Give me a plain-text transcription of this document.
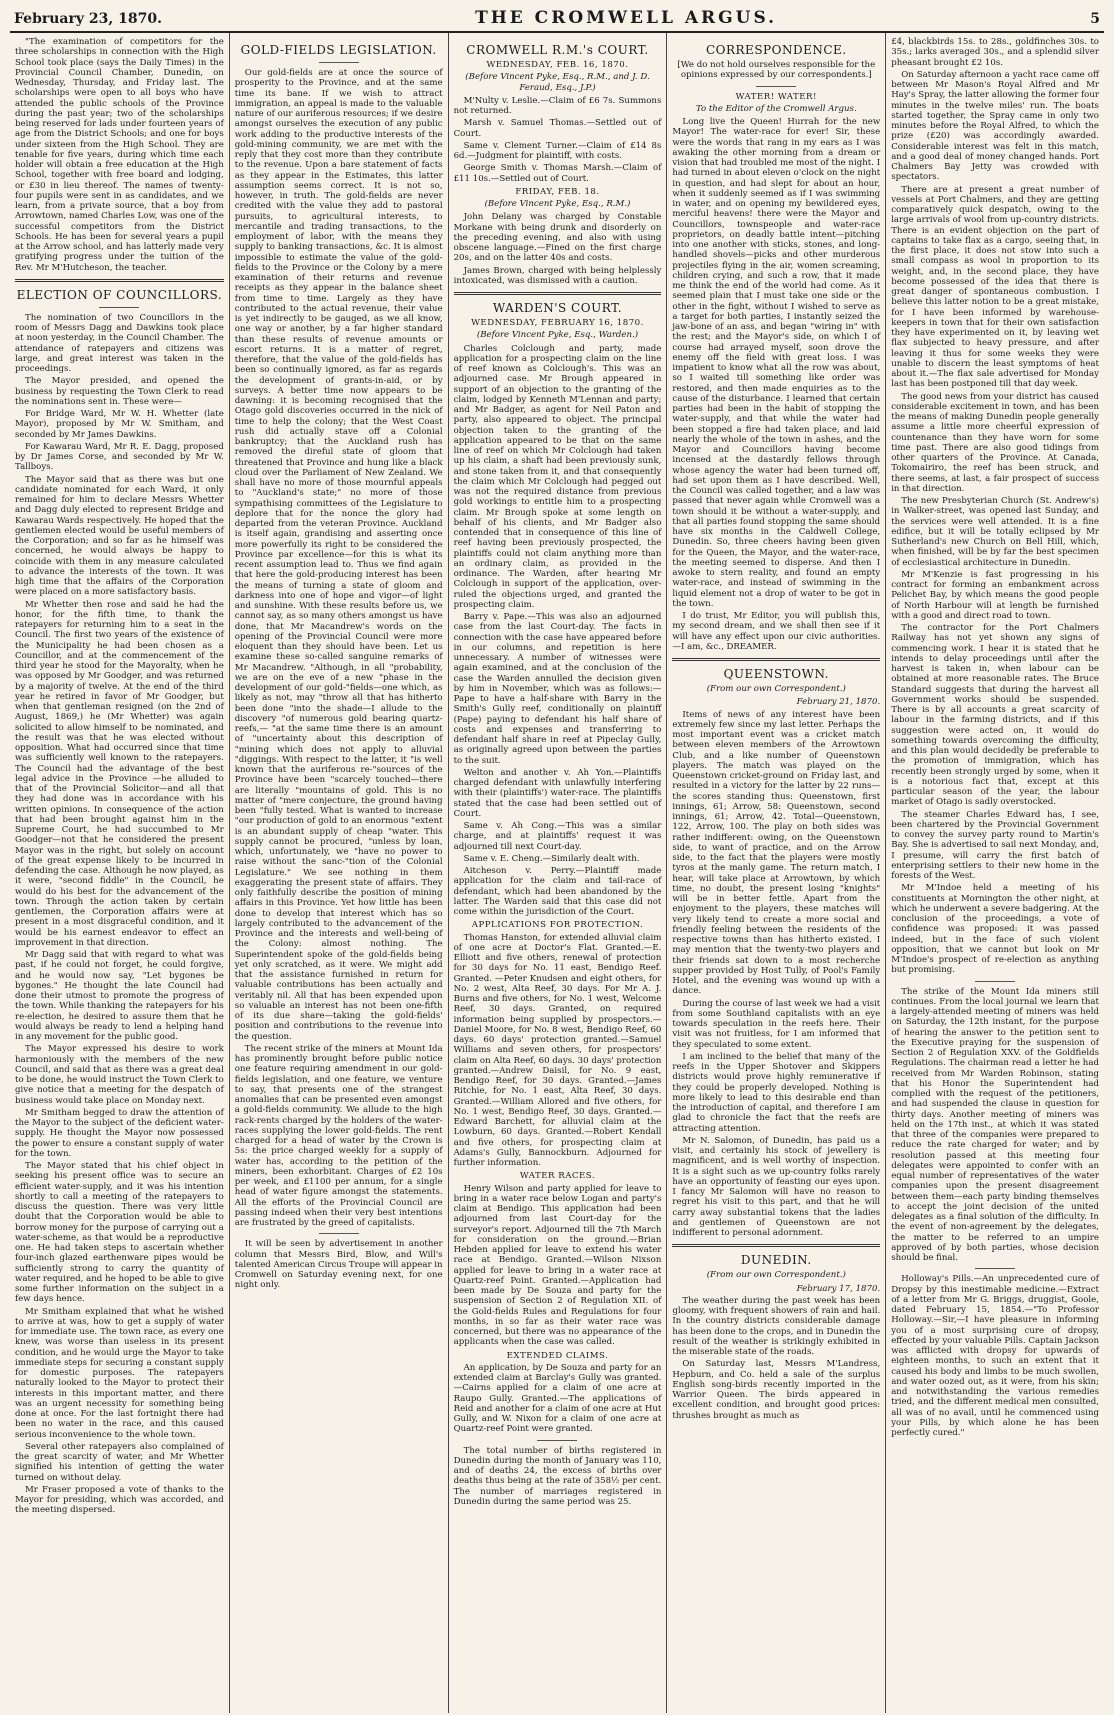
February 23, 1870.	THE CROMWELL ARGUS.	5

"The examination of competitors for the three scholarships in connection with the High School took place (says the Daily Times) in the Provincial Council Chamber, Dunedin, on Wednesday, Thursday, and Friday last. The scholarships were open to all boys who have attended the public schools of the Province during the past year; two of the scholarships being reserved for lads under fourteen years of age from the District Schools; and one for boys under sixteen from the High School. They are tenable for five years, during which time each holder will obtain a free education at the High School, together with free board and lodging, or £30 in lieu thereof. The names of twenty-four pupils were sent in as candidates, and we learn, from a private source, that a boy from Arrowtown, named Charles Low, was one of the successful competitors from the District Schools. He has been for several years a pupil at the Arrow school, and has latterly made very gratifying progress under the tuition of the Rev. Mr M'Hutcheson, the teacher.

ELECTION OF COUNCILLORS.

The nomination of two Councillors in the room of Messrs Dagg and Dawkins took place at noon yesterday, in the Council Chamber. The attendance of ratepayers and citizens was large, and great interest was taken in the proceedings.

The Mayor presided, and opened the business by requesting the Town Clerk to read the nominations sent in. These were—

For Bridge Ward, Mr W. H. Whetter (late Mayor), proposed by Mr W. Smitham, and seconded by Mr James Dawkins.

For Kawarau Ward, Mr R. E. Dagg, proposed by Dr James Corse, and seconded by Mr W. Tallboys.

The Mayor said that as there was but one candidate nominated for each Ward, it only remained for him to declare Messrs Whetter and Dagg duly elected to represent Bridge and Kawarau Wards respectively. He hoped that the gentlemen elected would be useful members of the Corporation; and so far as he himself was concerned, he would always be happy to coincide with them in any measure calculated to advance the interests of the town. It was high time that the affairs of the Corporation were placed on a more satisfactory basis.

Mr Whetter then rose and said he had the honor, for the fifth time, to thank the ratepayers for returning him to a seat in the Council. The first two years of the existence of the Municipality he had been chosen as a Councillor, and at the commencement of the third year he stood for the Mayoralty, when he was opposed by Mr Goodger, and was returned by a majority of twelve. At the end of the third year he retired in favor of Mr Goodger, but when that gentleman resigned (on the 2nd of August, 1869,) he (Mr Whetter) was again solicited to allow himself to be nominated, and the result was that he was elected without opposition. What had occurred since that time was sufficiently well known to the ratepayers. The Council had the advantage of the best legal advice in the Province —he alluded to that of the Provincial Solicitor—and all that they had done was in accordance with his written opinions. In consequence of the action that had been brought against him in the Supreme Court, he had succumbed to Mr Goodger—not that he considered the present Mayor was in the right, but solely on account of the great expense likely to be incurred in defending the case. Although he now played, as it were, "second fiddle" in the Council, he would do his best for the advancement of the town. Through the action taken by certain gentlemen, the Corporation affairs were at present in a most disgraceful condition, and it would be his earnest endeavor to effect an improvement in that direction.

Mr Dagg said that with regard to what was past, if he could not forget, he could forgive, and he would now say, "Let bygones be bygones." He thought the late Council had done their utmost to promote the progress of the town. While thanking the ratepayers for his re-election, he desired to assure them that he would always be ready to lend a helping hand in any movement for the public good.

The Mayor expressed his desire to work harmoniously with the members of the new Council, and said that as there was a great deal to be done, he would instruct the Town Clerk to give notice that a meeting for the despatch of business would take place on Monday next.

Mr Smitham begged to draw the attention of the Mayor to the subject of the deficient water-supply. He thought the Mayor now possessed the power to ensure a constant supply of water for the town.

The Mayor stated that his chief object in seeking his present office was to secure an efficient water-supply, and it was his intention shortly to call a meeting of the ratepayers to discuss the question. There was very little doubt that the Corporation would be able to borrow money for the purpose of carrying out a water-scheme, as that would be a reproductive one. He had taken steps to ascertain whether four-inch glazed earthenware pipes would be sufficiently strong to carry the quantity of water required, and he hoped to be able to give some further information on the subject in a few days hence.

Mr Smitham explained that what he wished to arrive at was, how to get a supply of water for immediate use. The town race, as every one knew, was worse than useless in its present condition, and he would urge the Mayor to take immediate steps for securing a constant supply for domestic purposes. The ratepayers naturally looked to the Mayor to protect their interests in this important matter, and there was an urgent necessity for something being done at once. For the last fortnight there had been no water in the race, and this caused serious inconvenience to the whole town.

Several other ratepayers also complained of the great scarcity of water, and Mr Whetter signified his intention of getting the water turned on without delay.

Mr Fraser proposed a vote of thanks to the Mayor for presiding, which was accorded, and the meeting dispersed.

GOLD-FIELDS LEGISLATION.

Our gold-fields are at once the source of prosperity to the Province, and at the same time its bane. If we wish to attract immigration, an appeal is made to the valuable nature of our auriferous resources; if we desire amongst ourselves the execution of any public work adding to the productive interests of the gold-mining community, we are met with the reply that they cost more than they contribute to the revenue. Upon a bare statement of facts as they appear in the Estimates, this latter assumption seems correct. It is not so, however, in truth. The gold-fields are never credited with the value they add to pastoral pursuits, to agricultural interests, to mercantile and trading transactions, to the employment of labor, with the means they supply to banking transactions, &c. It is almost impossible to estimate the value of the gold-fields to the Province or the Colony by a mere examination of their returns and revenue receipts as they appear in the balance sheet from time to time. Largely as they have contributed to the actual revenue, their value is yet indirectly to be gauged, as we all know, one way or another, by a far higher standard than these results of revenue amounts or escort returns. It is a matter of regret, therefore, that the value of the gold-fields has been so continually ignored, as far as regards the development of grants-in-aid, or by surveys. A better time now appears to be dawning: it is becoming recognised that the Otago gold discoveries occurred in the nick of time to help the colony; that the West Coast rush did actually stave off a Colonial bankruptcy; that the Auckland rush has removed the direful state of gloom that threatened that Province and hung like a black cloud over the Parliament of New Zealand. We shall have no more of those mournful appeals to "Auckland's state;" no more of those sympathising committees of the Legislature to deplore that for the nonce the glory had departed from the veteran Province. Auckland is itself again, grandising and asserting once more powerfully its right to be considered the Province par excellence—for this is what its recent assumption lead to. Thus we find again that here the gold-producing interest has been the means of turning a state of gloom and darkness into one of hope and vigor—of light and sunshine. With these results before us, we cannot say, as so many others amongst us have done, that Mr Macandrew's words on the opening of the Provincial Council were more eloquent than they should have been. Let us examine these so-called sanguine remarks of Mr Macandrew. "Although, in all "probability, we are on the eve of a new "phase in the development of our gold-"fields—one which, as likely as not, may "throw all that has hitherto been done "into the shade—I allude to the discovery "of numerous gold bearing quartz-reefs,— "at the same time there is an amount of "uncertainty about this description of "mining which does not apply to alluvial "diggings. With respect to the latter, it "is well known that the auriferous re-"sources of the Province have been "scarcely touched—there are literally "mountains of gold. This is no matter of "mere conjecture, the ground having been "fully tested. What is wanted to increase "our production of gold to an enormous "extent is an abundant supply of cheap "water. This supply cannot be procured, "unless by loan, which, unfortunately, we "have no power to raise without the sanc-"tion of the Colonial Legislature." We see nothing in them exaggerating the present state of affairs. They only faithfully describe the position of mining affairs in this Province. Yet how little has been done to develop that interest which has so largely contributed to the advancement of the Province and the interests and well-being of the Colony: almost nothing. The Superintendent spoke of the gold-fields being yet only scratched, as it were. We might add that the assistance furnished in return for valuable contributions has been actually and veritably nil. All that has been expended upon so valuable an interest has not been one-fifth of its due share—taking the gold-fields' position and contributions to the revenue into the question.

The recent strike of the miners at Mount Ida has prominently brought before public notice one feature requiring amendment in our gold-fields legislation, and one feature, we venture to say, that presents one of the strangest anomalies that can be presented even amongst a gold-fields community. We allude to the high rack-rents charged by the holders of the water-races supplying the lower gold-fields. The rent charged for a head of water by the Crown is 5s: the price charged weekly for a supply of water has, according to the petition of the miners, been exhorbitant. Charges of £2 10s per week, and £1100 per annum, for a single head of water figure amongst the statements. All the efforts of the Provincial Council are passing indeed when their very best intentions are frustrated by the greed of capitalists.

It will be seen by advertisement in another column that Messrs Bird, Blow, and Will's talented American Circus Troupe will appear in Cromwell on Saturday evening next, for one night only.

CROMWELL R.M.'s COURT.
WEDNESDAY, FEB. 16, 1870.

(Before Vincent Pyke, Esq., R.M., and J. D. Feraud, Esq., J.P.)

M'Nulty v. Leslie.—Claim of £6 7s. Summons not returned.

Marsh v. Samuel Thomas.—Settled out of Court.

Same v. Clement Turner.—Claim of £14 8s 6d.—Judgment for plaintiff, with costs.

George Smith v. Thomas Marsh.—Claim of £11 10s.—Settled out of Court.

FRIDAY, FEB. 18.

(Before Vincent Pyke, Esq., R.M.)

John Delany was charged by Constable Morkane with being drunk and disorderly on the preceding evening, and also with using obscene language.—Fined on the first charge 20s, and on the latter 40s and costs.

James Brown, charged with being helplessly intoxicated, was dismissed with a caution.

WARDEN'S COURT.
WEDNESDAY, FEBRUARY 16, 1870.

(Before Vincent Pyke, Esq., Warden.)

Charles Colclough and party, made application for a prospecting claim on the line of reef known as Colclough's. This was an adjourned case. Mr Brough appeared in support of an objection to the granting of the claim, lodged by Kenneth M'Lennan and party; and Mr Badger, as agent for Neil Paton and party, also appeared to object. The principal objection taken to the granting of the application appeared to be that on the same line of reef on which Mr Colclough had taken up his claim, a shaft had been previously sunk, and stone taken from it, and that consequently the claim which Mr Colclough had pegged out was not the required distance from previous gold workings to entitle him to a prospecting claim. Mr Brough spoke at some length on behalf of his clients, and Mr Badger also contended that in consequence of this line of reef having been previously prospected, the plaintiffs could not claim anything more than an ordinary claim, as provided in the ordinance. The Warden, after hearing Mr Colclough in support of the application, over-ruled the objections urged, and granted the prospecting claim.

Barry v. Pape.—This was also an adjourned case from the last Court-day. The facts in connection with the case have appeared before in our columns, and repetition is here unnecessary. A number of witnesses were again examined, and at the conclusion of the case the Warden annulled the decision given by him in November, which was as follows:—Pape to have a half-share with Barry in the Smith's Gully reef, conditionally on plaintiff (Pape) paying to defendant his half share of costs and expenses and transferring to defendant half share in reef at Pipeclay Gully, as originally agreed upon between the parties to the suit.

Welton and another v. Ah Yon.—Plaintiffs charged defendant with unlawfully interfering with their (plaintiffs') water-race. The plaintiffs stated that the case had been settled out of Court.

Same v. Ah Cong.—This was a similar charge, and at plaintiffs' request it was adjourned till next Court-day.

Same v. E. Cheng.—Similarly dealt with.

Aitcheson v. Perry.—Plaintiff made application for the claim and tail-race of defendant, which had been abandoned by the latter. The Warden said that this case did not come within the jurisdiction of the Court.

APPLICATIONS FOR PROTECTION.

Thomas Hanston, for extended alluvial claim of one acre at Doctor's Flat. Granted.—E. Elliott and five others, renewal of protection for 30 days for No. 11 east, Bendigo Reef. Granted. —Peter Knudsen and eight others, for No. 2 west, Alta Reef, 30 days. For Mr A. J. Burns and five others, for No. 1 west, Welcome Reef, 30 days. Granted, on required information being supplied by prospectors.—Daniel Moore, for No. 8 west, Bendigo Reef, 60 days. 60 days' protection granted.—Samuel Williams and seven others, for prospectors' claim on Alta Reef, 60 days. 30 days' protection granted.—Andrew Daisil, for No. 9 east, Bendigo Reef, for 30 days. Granted.—James Ritchie, for No. 1 east, Alta Reef, 30 days. Granted.—William Allored and five others, for No. 1 west, Bendigo Reef, 30 days. Granted.—Edward Barchett, for alluvial claim at the Lowburn, 60 days. Granted.—Robert Kendall and five others, for prospecting claim at Adams's Gully, Bannockburn. Adjourned for further information.

WATER RACES.

Henry Wilson and party applied for leave to bring in a water race below Logan and party's claim at Bendigo. This application had been adjourned from last Court-day for the surveyor's report. Adjourned till the 7th March for consideration on the ground.—Brian Hebden applied for leave to extend his water race at Bendigo. Granted.—Wilson Nixson applied for leave to bring in a water race at Quartz-reef Point. Granted.—Application had been made by De Souza and party for the suspension of Section 2 of Regulation XII. of the Gold-fields Rules and Regulations for four months, in so far as their water race was concerned, but there was no appearance of the applicants when the case was called.

EXTENDED CLAIMS.

An application, by De Souza and party for an extended claim at Barclay's Gully was granted. —Cairns applied for a claim of one acre at Raupo Gully. Granted.—The applications of Reid and another for a claim of one acre at Hut Gully, and W. Nixon for a claim of one acre at Quartz-reef Point were granted.

The total number of births registered in Dunedin during the month of January was 110, and of deaths 24, the excess of births over deaths thus being at the rate of 358½ per cent. The number of marriages registered in Dunedin during the same period was 25.

CORRESPONDENCE.

[We do not hold ourselves responsible for the opinions expressed by our correspondents.]

WATER! WATER!

To the Editor of the Cromwell Argus.

Long live the Queen! Hurrah for the new Mayor! The water-race for ever! Sir, these were the words that rang in my ears as I was awaking the other morning from a dream or vision that had troubled me most of the night. I had turned in about eleven o'clock on the night in question, and had slept for about an hour, when it suddenly seemed as if I was swimming in water, and on opening my bewildered eyes, merciful heavens! there were the Mayor and Councillors, townspeople and water-race proprietors, on deadly battle intent—pitching into one another with sticks, stones, and long-handled shovels—picks and other murderous projectiles flying in the air, women screaming, children crying, and such a row, that it made me think the end of the world had come. As it seemed plain that I must take one side or the other in the fight, without I wished to serve as a target for both parties, I instantly seized the jaw-bone of an ass, and began "wiring in" with the rest; and the Mayor's side, on which I of course had arrayed myself, soon drove the enemy off the field with great loss. I was impatient to know what all the row was about, so I waited till something like order was restored, and then made enquiries as to the cause of the disturbance. I learned that certain parties had been in the habit of stopping the water-supply, and that while the water had been stopped a fire had taken place, and laid nearly the whole of the town in ashes, and the Mayor and Councillors having become incensed at the dastardly fellows through whose agency the water had been turned off, had set upon them as I have described. Well, the Council was called together, and a law was passed that never again while Cromwell was a town should it be without a water-supply, and that all parties found stopping the same should have six months in the Caldwell College, Dunedin. So, three cheers having been given for the Queen, the Mayor, and the water-race, the meeting seemed to disperse. And then I awoke to stern reality, and found an empty water-race, and instead of swimming in the liquid element not a drop of water to be got in the town.

I do trust, Mr Editor, you will publish this, my second dream, and we shall then see if it will have any effect upon our civic authorities. —I am, &c., DREAMER.

QUEENSTOWN.

(From our own Correspondent.)

February 21, 1870.

Items of news of any interest have been extremely few since my last letter. Perhaps the most important event was a cricket match between eleven members of the Arrowtown Club, and a like number of Queenstown players. The match was played on the Queenstown cricket-ground on Friday last, and resulted in a victory for the latter by 22 runs—the scores standing thus: Queenstown, first innings, 61; Arrow, 58: Queenstown, second innings, 61; Arrow, 42. Total—Queenstown, 122, Arrow, 100. The play on both sides was rather indifferent: owing, on the Queenstown side, to want of practice, and on the Arrow side, to the fact that the players were mostly tyros at the manly game. The return match, I hear, will take place at Arrowtown, by which time, no doubt, the present losing "knights" will be in better fettle. Apart from the enjoyment to the players, these matches will very likely tend to create a more social and friendly feeling between the residents of the respective towns than has hitherto existed. I may mention that the twenty-two players and their friends sat down to a most recherche supper provided by Host Tully, of Pool's Family Hotel, and the evening was wound up with a dance.

During the course of last week we had a visit from some Southland capitalists with an eye towards speculation in the reefs here. Their visit was not fruitless, for I am informed that they speculated to some extent.

I am inclined to the belief that many of the reefs in the Upper Shotover and Skippers districts would prove highly remunerative if they could be properly developed. Nothing is more likely to lead to this desirable end than the introduction of capital, and therefore I am glad to chronicle the fact that the reefs are attracting attention.

Mr N. Salomon, of Dunedin, has paid us a visit, and certainly his stock of jewellery is magnificent, and is well worthy of inspection. It is a sight such as we up-country folks rarely have an opportunity of feasting our eyes upon. I fancy Mr Salomon will have no reason to regret his visit to this part, and that he will carry away substantial tokens that the ladies and gentlemen of Queenstown are not indifferent to personal adornment.

DUNEDIN.

(From our own Correspondent.)

February 17, 1870.

The weather during the past week has been gloomy, with frequent showers of rain and hail. In the country districts considerable damage has been done to the crops, and in Dunedin the result of the weather is strikingly exhibited in the miserable state of the roads.

On Saturday last, Messrs M'Landress, Hepburn, and Co. held a sale of the surplus English song-birds recently imported in the Warrior Queen. The birds appeared in excellent condition, and brought good prices: thrushes brought as much as

£4, blackbirds 15s. to 28s., goldfinches 30s. to 35s.; larks averaged 30s., and a splendid silver pheasant brought £2 10s.

On Saturday afternoon a yacht race came off between Mr Mason's Royal Alfred and Mr Hay's Spray, the latter allowing the former four minutes in the twelve miles' run. The boats started together, the Spray came in only two minutes before the Royal Alfred, to which the prize (£20) was accordingly awarded. Considerable interest was felt in this match, and a good deal of money changed hands. Port Chalmers Bay Jetty was crowded with spectators.

There are at present a great number of vessels at Port Chalmers, and they are getting comparatively quick despatch, owing to the large arrivals of wool from up-country districts. There is an evident objection on the part of captains to take flax as a cargo, seeing that, in the first place, it does not stow into such a small compass as wool in proportion to its weight, and, in the second place, they have become possessed of the idea that there is great danger of spontaneous combustion. I believe this latter notion to be a great mistake, for I have been informed by warehouse-keepers in town that for their own satisfaction they have experimented on it, by leaving wet flax subjected to heavy pressure, and after leaving it thus for some weeks they were unable to discern the least symptoms of heat about it.—The flax sale advertised for Monday last has been postponed till that day week.

The good news from your district has caused considerable excitement in town, and has been the means of making Dunedin people generally assume a little more cheerful expression of countenance than they have worn for some time past. There are also good tidings from other quarters of the Province. At Canada, Tokomairiro, the reef has been struck, and there seems, at last, a fair prospect of success in that direction.

The new Presbyterian Church (St. Andrew's) in Walker-street, was opened last Sunday, and the services were well attended. It is a fine edifice, but it will be totally eclipsed by Mr Sutherland's new Church on Bell Hill, which, when finished, will be by far the best specimen of ecclesiastical architecture in Dunedin.

Mr M'Kenzie is fast progressing in his contract for forming an embankment across Pelichet Bay, by which means the good people of North Harbour will at length be furnished with a good and direct road to town.

The contractor for the Port Chalmers Railway has not yet shown any signs of commencing work. I hear it is stated that he intends to delay proceedings until after the harvest is taken in, when labour can be obtained at more reasonable rates. The Bruce Standard suggests that during the harvest all Government works should be suspended. There is by all accounts a great scarcity of labour in the farming districts, and if this suggestion were acted on, it would do something towards overcoming the difficulty, and this plan would decidedly be preferable to the promotion of immigration, which has recently been strongly urged by some, when it is a notorious fact that, except at this particular season of the year, the labour market of Otago is sadly overstocked.

The steamer Charles Edward has, I see, been chartered by the Provincial Government to convey the survey party round to Martin's Bay. She is advertised to sail next Monday, and, I presume, will carry the first batch of enterprising settlers to their new home in the forests of the West.

Mr M'Indoe held a meeting of his constituents at Mornington the other night, at which he underwent a severe badgering. At the conclusion of the proceedings, a vote of confidence was proposed: it was passed indeed, but in the face of such violent opposition, that we cannot but look on Mr M'Indoe's prospect of re-election as anything but promising.

The strike of the Mount Ida miners still continues. From the local journal we learn that a largely-attended meeting of miners was held on Saturday, the 12th instant, for the purpose of hearing the answer to the petition sent to the Executive praying for the suspension of Section 2 of Regulation XXV. of the Goldfields Regulations. The chairman read a letter he had received from Mr Warden Robinson, stating that his Honor the Superintendent had complied with the request of the petitioners, and had suspended the clause in question for thirty days. Another meeting of miners was held on the 17th inst., at which it was stated that three of the companies were prepared to reduce the rate charged for water; and by resolution passed at this meeting four delegates were appointed to confer with an equal number of representatives of the water companies upon the present disagreement between them—each party binding themselves to accept the joint decision of the united delegates as a final solution of the difficulty. In the event of non-agreement by the delegates, the matter to be referred to an umpire approved of by both parties, whose decision should be final.

Holloway's Pills.—An unprecedented cure of Dropsy by this inestimable medicine.—Extract of a letter from Mr G. Briggs, druggist, Goole, dated February 15, 1854.—"To Professor Holloway.—Sir,—I have pleasure in informing you of a most surprising cure of dropsy, effected by your valuable Pills. Captain Jackson was afflicted with dropsy for upwards of eighteen months, to such an extent that it caused his body and limbs to be much swollen, and water oozed out, as it were, from his skin; and notwithstanding the various remedies tried, and the different medical men consulted, all was of no avail, until he commenced using your Pills, by which alone he has been perfectly cured."
